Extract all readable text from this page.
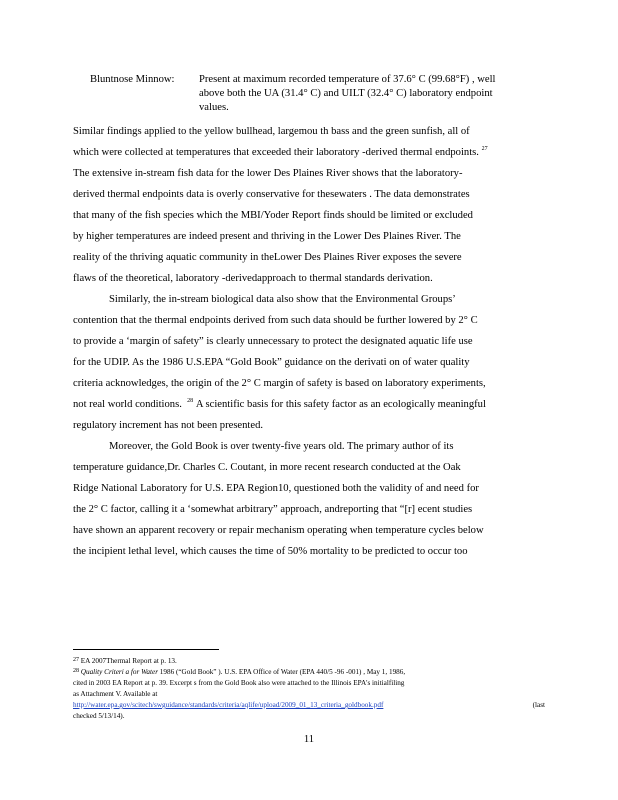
Bluntnose Minnow: Present at maximum recorded temperature of 37.6° C (99.68°F) , well
above both the UA (31.4° C) and UILT (32.4° C) laboratory endpoint
values.
Similar findings applied to the yellow bullhead, largemou th bass and the green sunfish, all of
which were collected at temperatures that exceeded their laboratory -derived thermal endpoints. $^{27}$
The extensive in-stream fish data for the lower Des Plaines River shows that the laboratory-
derived thermal endpoints data is overly conservative for thesewaters . The data demonstrates
that many of the fish species which the MBI/Yoder Report finds should be limited or excluded
by higher temperatures are indeed present and thriving in the Lower Des Plaines River. The
reality of the thriving aquatic community in theLower Des Plaines River exposes the severe
flaws of the theoretical, laboratory -derivedapproach to thermal standards derivation.
Similarly, the in-stream biological data also show that the Environmental Groups’
contention that the thermal endpoints derived from such data should be further lowered by 2° C
to provide a ‘margin of safety” is clearly unnecessary to protect the designated aquatic life use
for the UDIP. As the 1986 U.S.EPA “Gold Book” guidance on the derivati on of water quality
criteria acknowledges, the origin of the 2° C margin of safety is based on laboratory experiments,
not real world conditions. $^{28}$ A scientific basis for this safety factor as an ecologically meaningful
regulatory increment has not been presented.
Moreover, the Gold Book is over twenty-five years old. The primary author of its
temperature guidance,Dr. Charles C. Coutant, in more recent research conducted at the Oak
Ridge National Laboratory for U.S. EPA Region10, questioned both the validity of and need for
the 2° C factor, calling it a ‘somewhat arbitrary” approach, andreporting that “[r] ecent studies
have shown an apparent recovery or repair mechanism operating when temperature cycles below
the incipient lethal level, which causes the time of 50% mortality to be predicted to occur too
$^{27}$ EA 2007Thermal Report at p. 13.
$^{28}$ Quality Criteri a for Water 1986 (“Gold Book” ). U.S. EPA Office of Water (EPA 440/5 -96 -001) , May 1, 1986,
cited in 2003 EA Report at p. 39. Excerpt s from the Gold Book also were attached to the Illinois EPA's initialfiling
as Attachment V. Available at
http://water.epa.gov/scitech/swguidance/standards/criteria/aqlife/upload/2009_01_13_criteria_goldbook.pdf	(last
checked 5/13/14).
11
